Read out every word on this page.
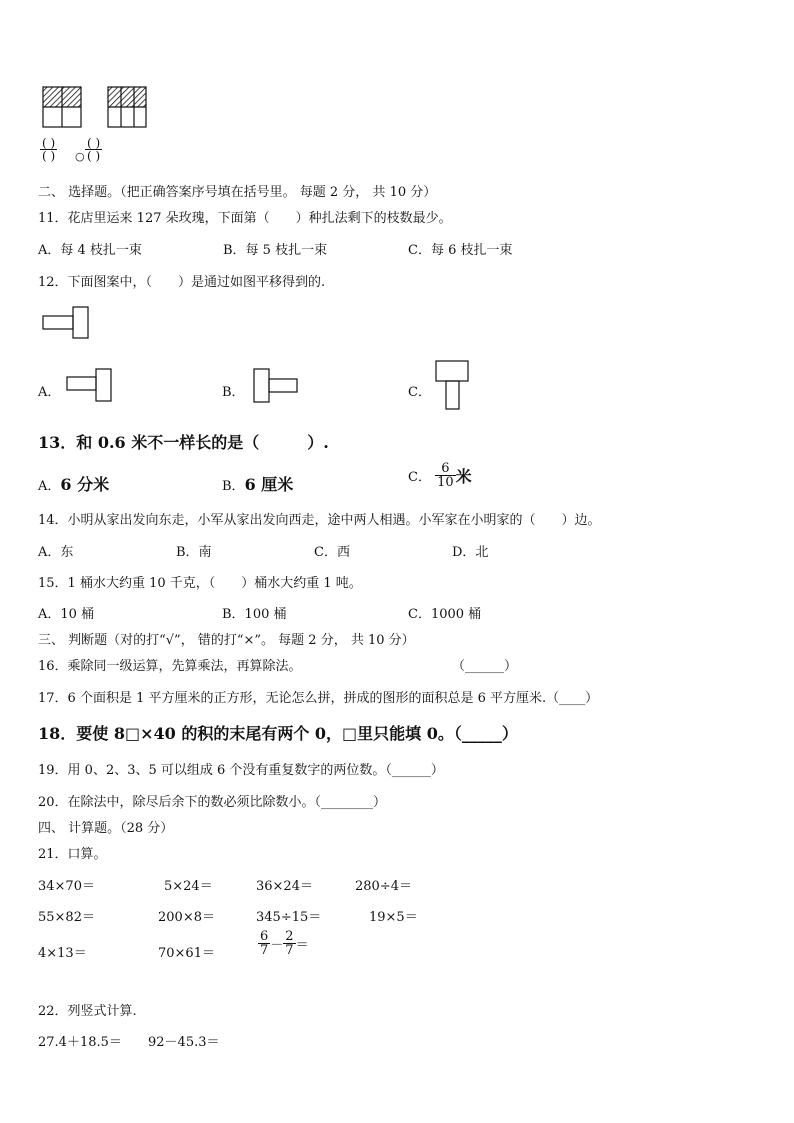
$\frac{( )}{( )}$ ○ $\frac{( )}{( )}$
二、 选择题。（把正确答案序号填在括号里。 每题 2 分， 共 10 分）
11．花店里运来 127 朵玫瑰，下面第（　　）种扎法剩下的枝数最少。
A．每 4 枝扎一束	B．每 5 枝扎一束	C．每 6 枝扎一束
12．下面图案中，（　　）是通过如图平移得到的.
A．	B．	C．
13．和 0.6 米不一样长的是（　　　）.
A．6 分米	B．6 厘米	C． $\frac{6}{10}$ 米
14．小明从家出发向东走，小军从家出发向西走，途中两人相遇。小军家在小明家的（　　）边。
A．东	B．南	C．西	D．北
15．1 桶水大约重 10 千克，（　　）桶水大约重 1 吨。
A．10 桶	B．100 桶	C．1000 桶
三、 判断题（对的打“√”， 错的打“×”。 每题 2 分， 共 10 分）
16．乘除同一级运算，先算乘法，再算除法。	（______）
17．6 个面积是 1 平方厘米的正方形，无论怎么拼，拼成的图形的面积总是 6 平方厘米.（____）
18．要使 8□×40 的积的末尾有两个 0，□里只能填 0。（_____）
19．用 0、2、3、5 可以组成 6 个没有重复数字的两位数。（______）
20．在除法中，除尽后余下的数必须比除数小。（________）
四、 计算题。（28 分）
21．口算。
34×70＝	5×24＝	36×24＝	280÷4＝
55×82＝	200×8＝	345÷15＝	19×5＝
4×13＝	70×61＝	$\frac{6}{7} - \frac{2}{7}$ ＝
22．列竖式计算.
27.4＋18.5＝ 92－45.3＝
